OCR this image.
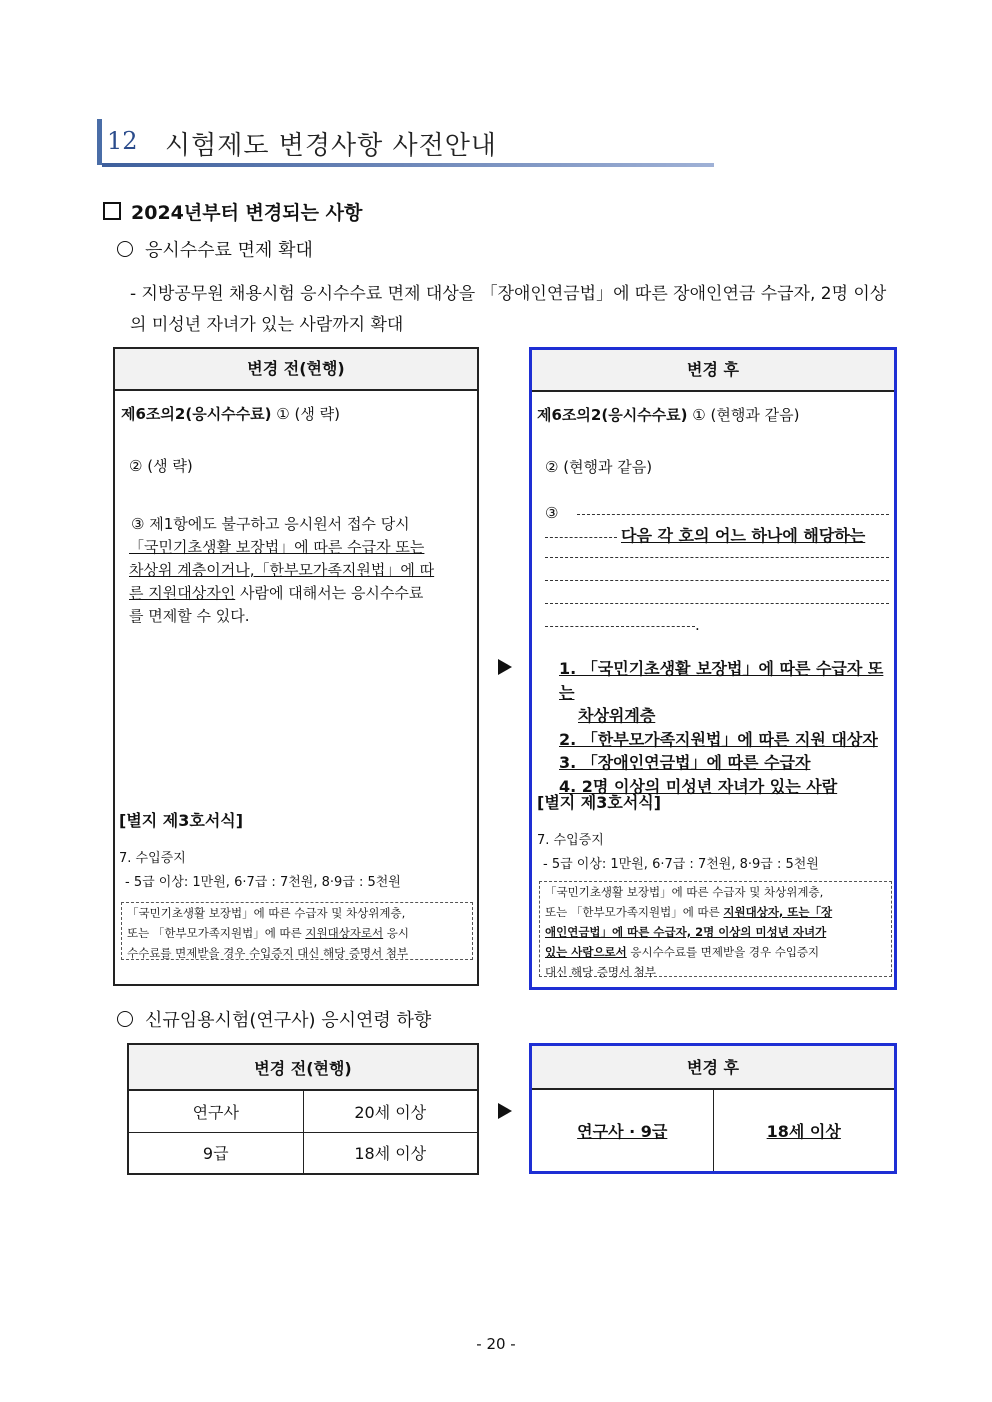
12 시험제도 변경사항 사전안내
2024년부터 변경되는 사항
응시수수료 면제 확대
- 지방공무원 채용시험 응시수수료 면제 대상을 「장애인연금법」에 따른 장애인연금 수급자, 2명 이상의 미성년 자녀가 있는 사람까지 확대
변경 전(현행)
제6조의2(응시수수료) ① (생 략)
② (생 략)
③ 제1항에도 불구하고 응시원서 접수 당시
「국민기초생활 보장법」에 따른 수급자 또는
차상위 계층이거나,「한부모가족지원법」에 따
른 지원대상자인 사람에 대해서는 응시수수료
를 면제할 수 있다.
[별지 제3호서식]
7. 수입증지
- 5급 이상: 1만원, 6·7급 : 7천원, 8·9급 : 5천원
「국민기초생활 보장법」에 따른 수급자 및 차상위계층,
또는 「한부모가족지원법」에 따른 지원대상자로서 응시
수수료를 면제받을 경우 수입증지 대신 해당 증명서 첨부
변경 후
제6조의2(응시수수료) ① (현행과 같음)
② (현행과 같음)
③
다음 각 호의 어느 하나에 해당하는
.
1. 「국민기초생활 보장법」에 따른 수급자 또는
차상위계층
2. 「한부모가족지원법」에 따른 지원 대상자
3. 「장애인연금법」에 따른 수급자
4. 2명 이상의 미성년 자녀가 있는 사람
[별지 제3호서식]
7. 수입증지
- 5급 이상: 1만원, 6·7급 : 7천원, 8·9급 : 5천원
「국민기초생활 보장법」에 따른 수급자 및 차상위계층,
또는 「한부모가족지원법」에 따른 지원대상자, 또는「장
애인연금법」에 따른 수급자, 2명 이상의 미성년 자녀가
있는 사람으로서 응시수수료를 면제받을 경우 수입증지
대신 해당 증명서 첨부
신규임용시험(연구사) 응시연령 하향
변경 전(현행)	
연구사	20세 이상
9급	18세 이상
변경 후
연구사 · 9급	18세 이상
- 20 -
